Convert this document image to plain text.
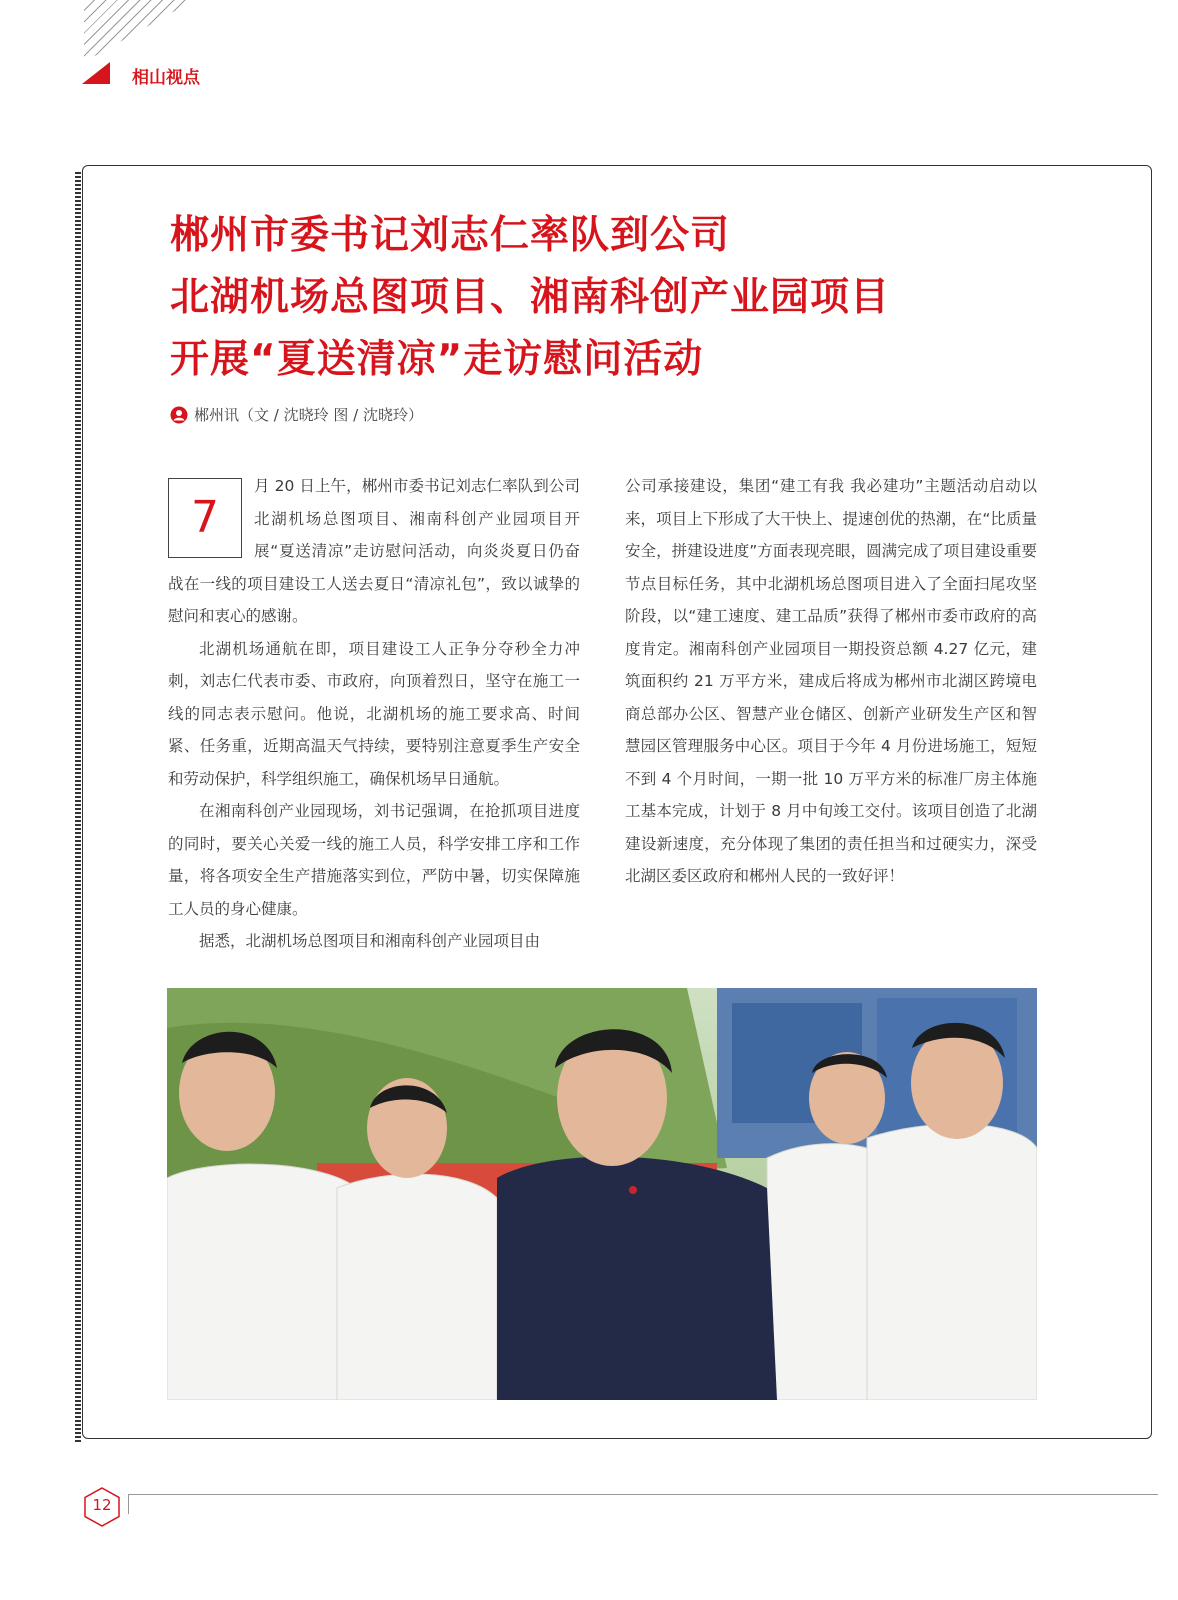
相山视点
郴州市委书记刘志仁率队到公司
北湖机场总图项目、湘南科创产业园项目
开展“夏送清凉”走访慰问活动
郴州讯（文 / 沈晓玲 图 / 沈晓玲）
7

月 20 日上午，郴州市委书记刘志仁率队到公司北湖机场总图项目、湘南科创产业园项目开展“夏送清凉”走访慰问活动，向炎炎夏日仍奋战在一线的项目建设工人送去夏日“清凉礼包”，致以诚挚的慰问和衷心的感谢。

北湖机场通航在即，项目建设工人正争分夺秒全力冲刺，刘志仁代表市委、市政府，向顶着烈日，坚守在施工一线的同志表示慰问。他说，北湖机场的施工要求高、时间紧、任务重，近期高温天气持续，要特别注意夏季生产安全和劳动保护，科学组织施工，确保机场早日通航。

在湘南科创产业园现场，刘书记强调，在抢抓项目进度的同时，要关心关爱一线的施工人员，科学安排工序和工作量，将各项安全生产措施落实到位，严防中暑，切实保障施工人员的身心健康。

据悉，北湖机场总图项目和湘南科创产业园项目由

公司承接建设，集团“建工有我 我必建功”主题活动启动以来，项目上下形成了大干快上、提速创优的热潮，在“比质量安全，拼建设进度”方面表现亮眼，圆满完成了项目建设重要节点目标任务，其中北湖机场总图项目进入了全面扫尾攻坚阶段，以“建工速度、建工品质”获得了郴州市委市政府的高度肯定。湘南科创产业园项目一期投资总额 4.27 亿元，建筑面积约 21 万平方米，建成后将成为郴州市北湖区跨境电商总部办公区、智慧产业仓储区、创新产业研发生产区和智慧园区管理服务中心区。项目于今年 4 月份进场施工，短短不到 4 个月时间，一期一批 10 万平方米的标准厂房主体施工基本完成，计划于 8 月中旬竣工交付。该项目创造了北湖建设新速度，充分体现了集团的责任担当和过硬实力，深受北湖区委区政府和郴州人民的一致好评！

12
